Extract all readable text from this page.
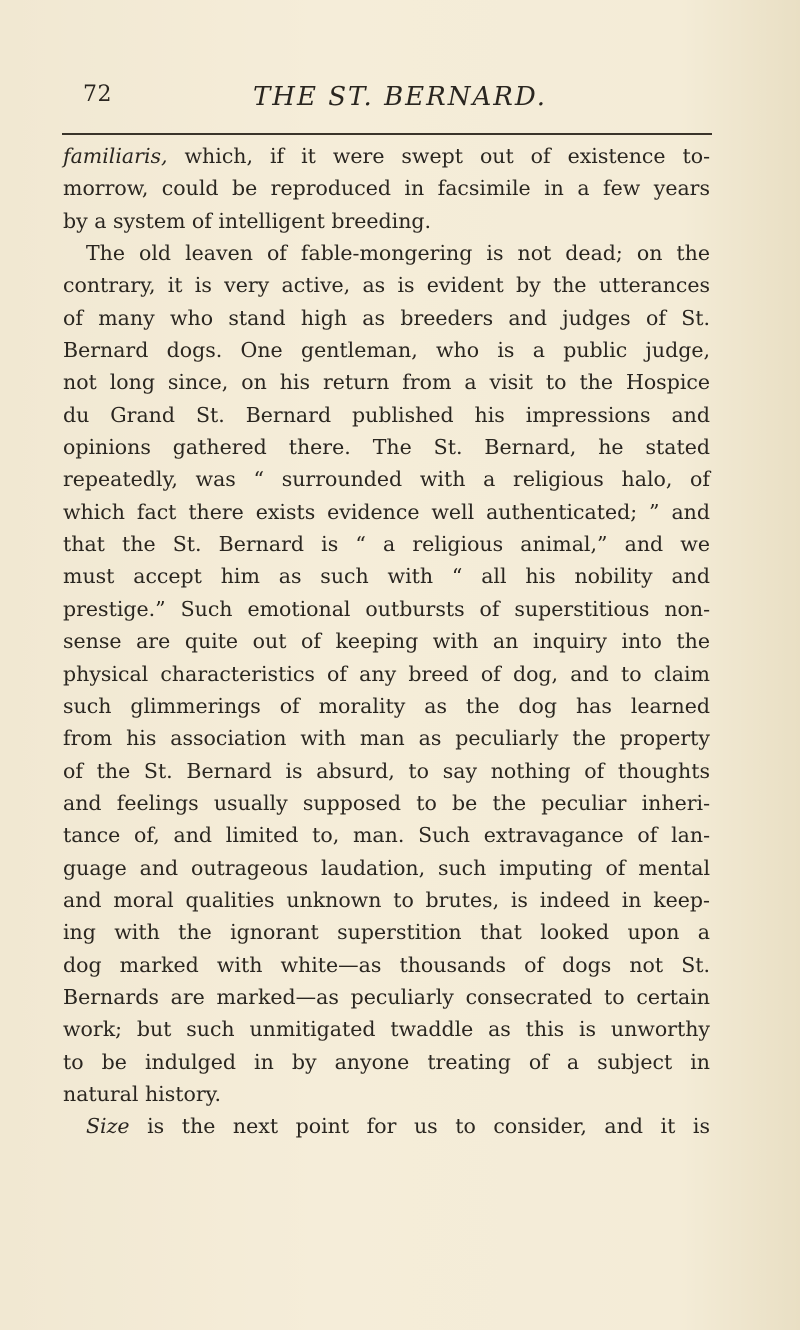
72	THE ST. BERNARD.
familiaris, which, if it were swept out of existence to-
morrow, could be reproduced in facsimile in a few years
by a system of intelligent breeding.
The old leaven of fable-mongering is not dead; on the
contrary, it is very active, as is evident by the utterances
of many who stand high as breeders and judges of St.
Bernard dogs. One gentleman, who is a public judge,
not long since, on his return from a visit to the Hospice
du Grand St. Bernard published his impressions and
opinions gathered there. The St. Bernard, he stated
repeatedly, was “ surrounded with a religious halo, of
which fact there exists evidence well authenticated; ” and
that the St. Bernard is “ a religious animal,” and we
must accept him as such with “ all his nobility and
prestige.” Such emotional outbursts of superstitious non-
sense are quite out of keeping with an inquiry into the
physical characteristics of any breed of dog, and to claim
such glimmerings of morality as the dog has learned
from his association with man as peculiarly the property
of the St. Bernard is absurd, to say nothing of thoughts
and feelings usually supposed to be the peculiar inheri-
tance of, and limited to, man. Such extravagance of lan-
guage and outrageous laudation, such imputing of mental
and moral qualities unknown to brutes, is indeed in keep-
ing with the ignorant superstition that looked upon a
dog marked with white—as thousands of dogs not St.
Bernards are marked—as peculiarly consecrated to certain
work; but such unmitigated twaddle as this is unworthy
to be indulged in by anyone treating of a subject in
natural history.
Size is the next point for us to consider, and it is
